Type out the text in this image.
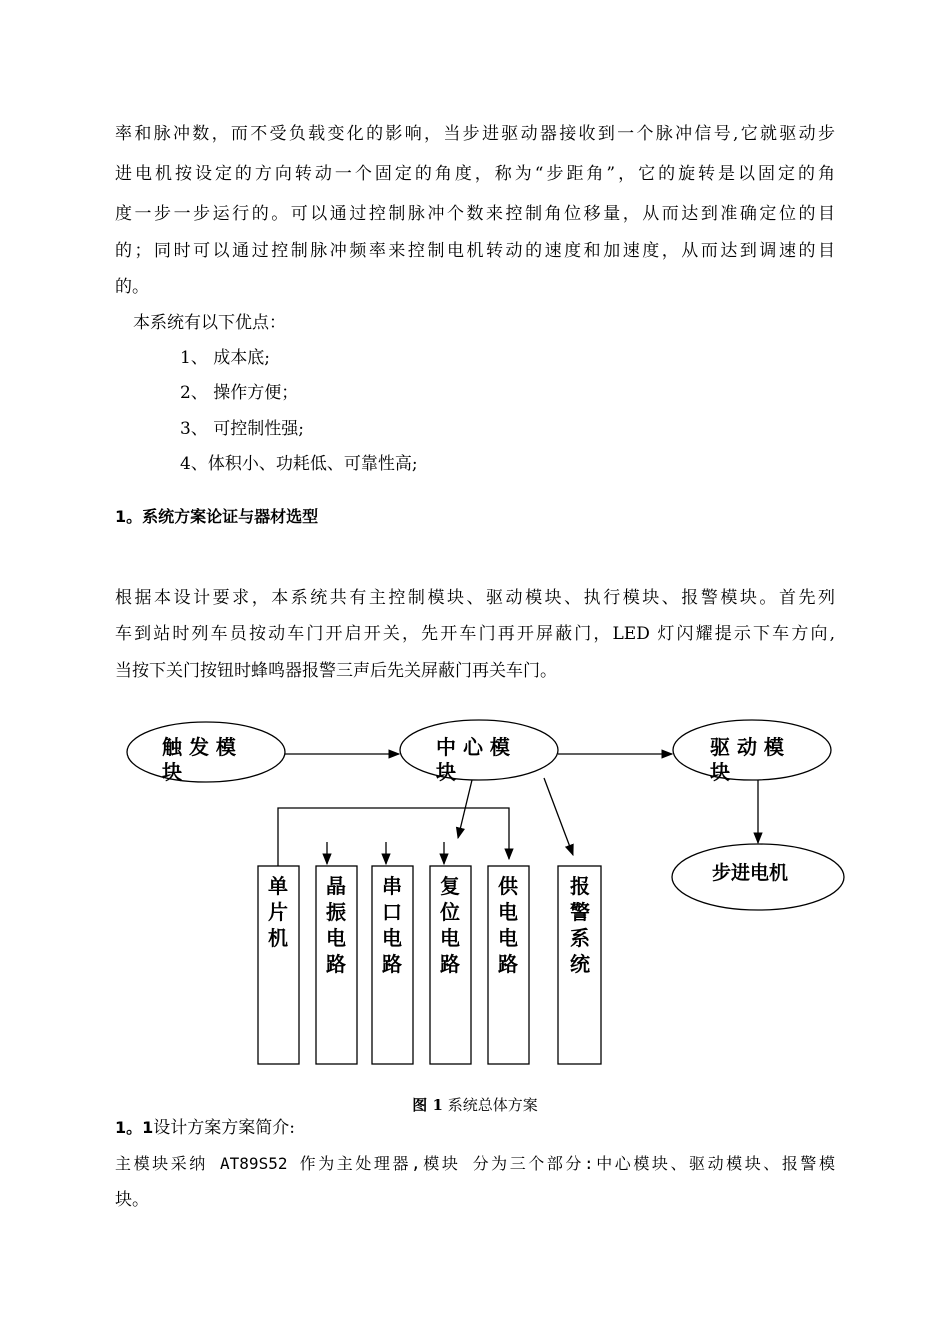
率和脉冲数，而不受负载变化的影响，当步进驱动器接收到一个脉冲信号,它就驱动步
进电机按设定的方向转动一个固定的角度，称为“步距角”，它的旋转是以固定的角
度一步一步运行的。可以通过控制脉冲个数来控制角位移量，从而达到准确定位的目
的；同时可以通过控制脉冲频率来控制电机转动的速度和加速度，从而达到调速的目
的。
本系统有以下优点：
1、 成本底;
2、 操作方便；
3、 可控制性强;
4、体积小、功耗低、可靠性高;
1。系统方案论证与器材选型
根据本设计要求，本系统共有主控制模块、驱动模块、执行模块、报警模块。首先列
车到站时列车员按动车门开启开关，先开车门再开屏蔽门，LED 灯闪耀提示下车方向,
当按下关门按钮时蜂鸣器报警三声后先关屏蔽门再关车门。
触 发 模
块
中 心 模
块
驱 动 模
块
步进电机
单片机
晶振电路
串口电路
复位电路
供电电路
报警系统
图 1 系统总体方案
1。1设计方案方案简介:
主模块采纳 AT89S52 作为主处理器,模块 分为三个部分:中心模块、驱动模块、报警模
块。
